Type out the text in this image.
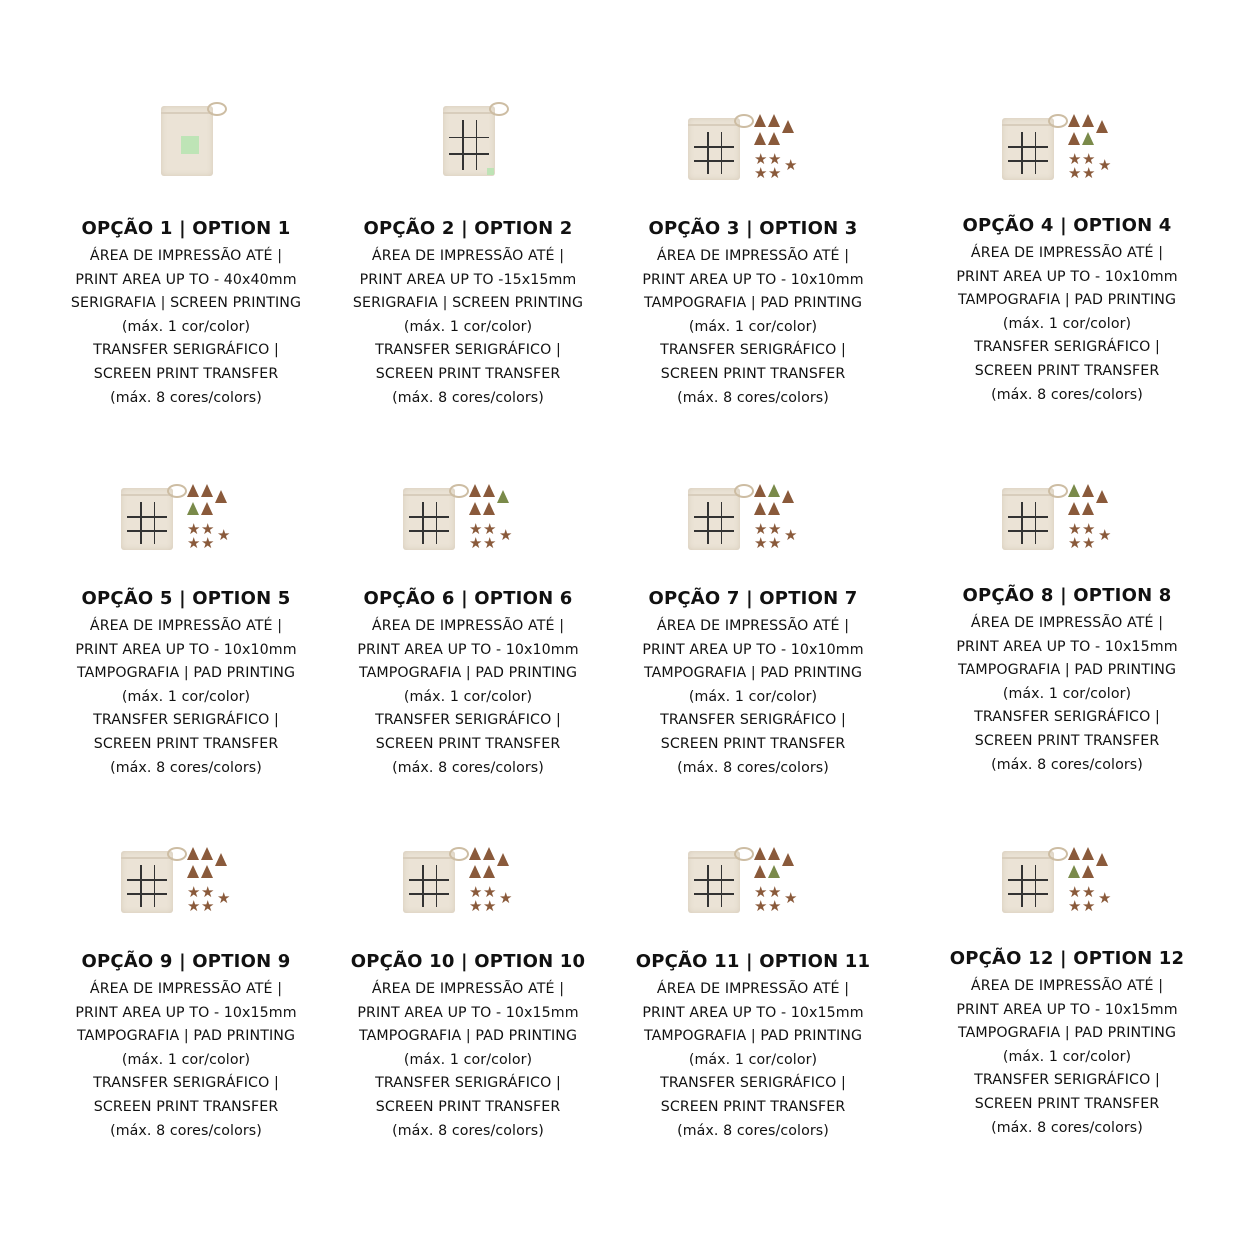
OPÇÃO 1 | OPTION 1
ÁREA DE IMPRESSÃO ATÉ |
PRINT AREA UP TO - 40x40mm
SERIGRAFIA | SCREEN PRINTING
(máx. 1 cor/color)
TRANSFER SERIGRÁFICO |
SCREEN PRINT TRANSFER
(máx. 8 cores/colors)
OPÇÃO 2 | OPTION 2
ÁREA DE IMPRESSÃO ATÉ |
PRINT AREA UP TO -15x15mm
SERIGRAFIA | SCREEN PRINTING
(máx. 1 cor/color)
TRANSFER SERIGRÁFICO |
SCREEN PRINT TRANSFER
(máx. 8 cores/colors)
★ ★
★ ★ ★
OPÇÃO 3 | OPTION 3
ÁREA DE IMPRESSÃO ATÉ |
PRINT AREA UP TO - 10x10mm
TAMPOGRAFIA | PAD PRINTING
(máx. 1 cor/color)
TRANSFER SERIGRÁFICO |
SCREEN PRINT TRANSFER
(máx. 8 cores/colors)
★ ★
★ ★ ★
OPÇÃO 4 | OPTION 4
ÁREA DE IMPRESSÃO ATÉ |
PRINT AREA UP TO - 10x10mm
TAMPOGRAFIA | PAD PRINTING
(máx. 1 cor/color)
TRANSFER SERIGRÁFICO |
SCREEN PRINT TRANSFER
(máx. 8 cores/colors)
★ ★
★ ★ ★
OPÇÃO 5 | OPTION 5
ÁREA DE IMPRESSÃO ATÉ |
PRINT AREA UP TO - 10x10mm
TAMPOGRAFIA | PAD PRINTING
(máx. 1 cor/color)
TRANSFER SERIGRÁFICO |
SCREEN PRINT TRANSFER
(máx. 8 cores/colors)
★ ★
★ ★ ★
OPÇÃO 6 | OPTION 6
ÁREA DE IMPRESSÃO ATÉ |
PRINT AREA UP TO - 10x10mm
TAMPOGRAFIA | PAD PRINTING
(máx. 1 cor/color)
TRANSFER SERIGRÁFICO |
SCREEN PRINT TRANSFER
(máx. 8 cores/colors)
★ ★
★ ★ ★
OPÇÃO 7 | OPTION 7
ÁREA DE IMPRESSÃO ATÉ |
PRINT AREA UP TO - 10x10mm
TAMPOGRAFIA | PAD PRINTING
(máx. 1 cor/color)
TRANSFER SERIGRÁFICO |
SCREEN PRINT TRANSFER
(máx. 8 cores/colors)
★ ★
★ ★ ★
OPÇÃO 8 | OPTION 8
ÁREA DE IMPRESSÃO ATÉ |
PRINT AREA UP TO - 10x15mm
TAMPOGRAFIA | PAD PRINTING
(máx. 1 cor/color)
TRANSFER SERIGRÁFICO |
SCREEN PRINT TRANSFER
(máx. 8 cores/colors)
★ ★
★ ★ ★
OPÇÃO 9 | OPTION 9
ÁREA DE IMPRESSÃO ATÉ |
PRINT AREA UP TO - 10x15mm
TAMPOGRAFIA | PAD PRINTING
(máx. 1 cor/color)
TRANSFER SERIGRÁFICO |
SCREEN PRINT TRANSFER
(máx. 8 cores/colors)
★ ★
★ ★ ★
OPÇÃO 10 | OPTION 10
ÁREA DE IMPRESSÃO ATÉ |
PRINT AREA UP TO - 10x15mm
TAMPOGRAFIA | PAD PRINTING
(máx. 1 cor/color)
TRANSFER SERIGRÁFICO |
SCREEN PRINT TRANSFER
(máx. 8 cores/colors)
★ ★
★ ★ ★
OPÇÃO 11 | OPTION 11
ÁREA DE IMPRESSÃO ATÉ |
PRINT AREA UP TO - 10x15mm
TAMPOGRAFIA | PAD PRINTING
(máx. 1 cor/color)
TRANSFER SERIGRÁFICO |
SCREEN PRINT TRANSFER
(máx. 8 cores/colors)
★ ★
★ ★ ★
OPÇÃO 12 | OPTION 12
ÁREA DE IMPRESSÃO ATÉ |
PRINT AREA UP TO - 10x15mm
TAMPOGRAFIA | PAD PRINTING
(máx. 1 cor/color)
TRANSFER SERIGRÁFICO |
SCREEN PRINT TRANSFER
(máx. 8 cores/colors)
